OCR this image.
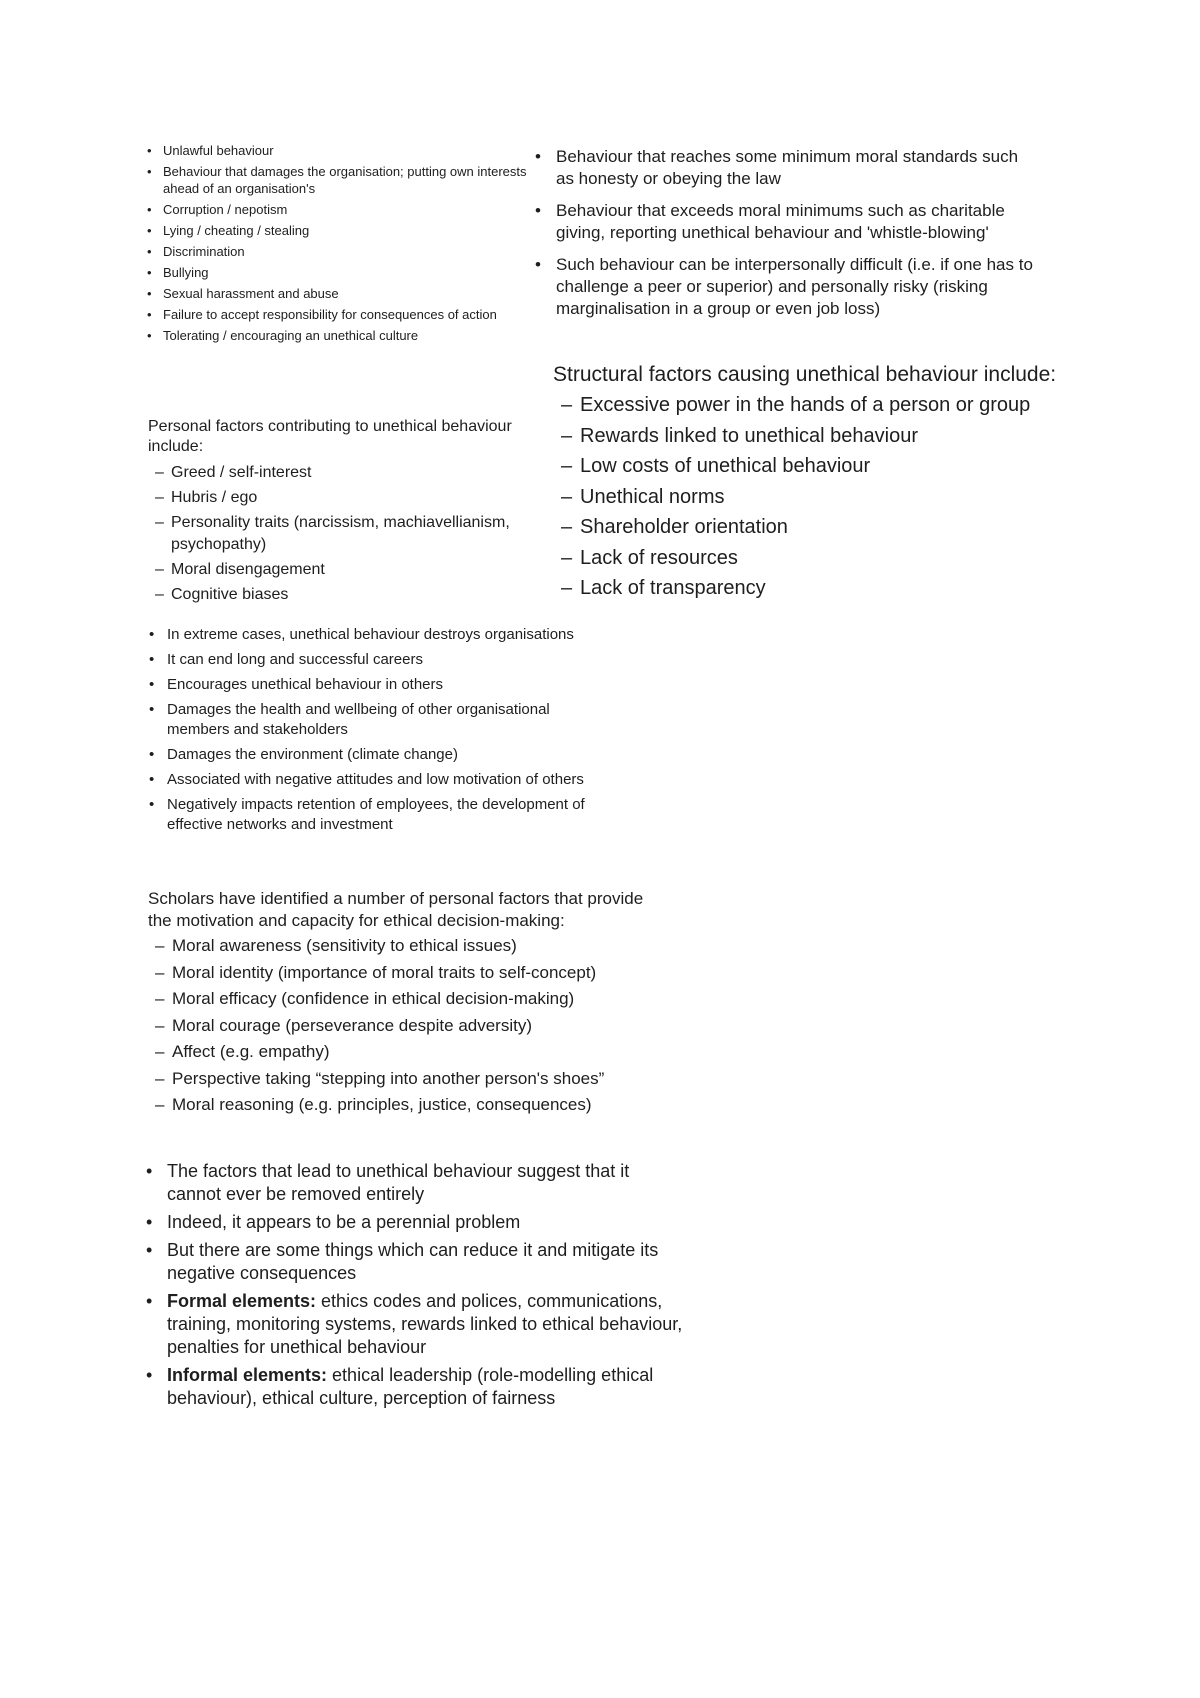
• Unlawful behaviour
• Behaviour that damages the organisation; putting own interests ahead of an organisation's
• Corruption / nepotism
• Lying / cheating / stealing
• Discrimination
• Bullying
• Sexual harassment and abuse
• Failure to accept responsibility for consequences of action
• Tolerating / encouraging an unethical culture
• Behaviour that reaches some minimum moral standards such as honesty or obeying the law
• Behaviour that exceeds moral minimums such as charitable giving, reporting unethical behaviour and 'whistle-blowing'
• Such behaviour can be interpersonally difficult (i.e. if one has to challenge a peer or superior) and personally risky (risking marginalisation in a group or even job loss)

Structural factors causing unethical behaviour include:

– Excessive power in the hands of a person or group
– Rewards linked to unethical behaviour
– Low costs of unethical behaviour
– Unethical norms
– Shareholder orientation
– Lack of resources
– Lack of transparency

Personal factors contributing to unethical behaviour include:

– Greed / self-interest
– Hubris / ego
– Personality traits (narcissism, machiavellianism, psychopathy)
– Moral disengagement
– Cognitive biases
• In extreme cases, unethical behaviour destroys organisations
• It can end long and successful careers
• Encourages unethical behaviour in others
• Damages the health and wellbeing of other organisational members and stakeholders
• Damages the environment (climate change)
• Associated with negative attitudes and low motivation of others
• Negatively impacts retention of employees, the development of effective networks and investment

Scholars have identified a number of personal factors that provide the motivation and capacity for ethical decision-making:

– Moral awareness (sensitivity to ethical issues)
– Moral identity (importance of moral traits to self-concept)
– Moral efficacy (confidence in ethical decision-making)
– Moral courage (perseverance despite adversity)
– Affect (e.g. empathy)
– Perspective taking “stepping into another person's shoes”
– Moral reasoning (e.g. principles, justice, consequences)
• The factors that lead to unethical behaviour suggest that it cannot ever be removed entirely
• Indeed, it appears to be a perennial problem
• But there are some things which can reduce it and mitigate its negative consequences
• Formal elements: ethics codes and polices, communications, training, monitoring systems, rewards linked to ethical behaviour, penalties for unethical behaviour
• Informal elements: ethical leadership (role-modelling ethical behaviour), ethical culture, perception of fairness
